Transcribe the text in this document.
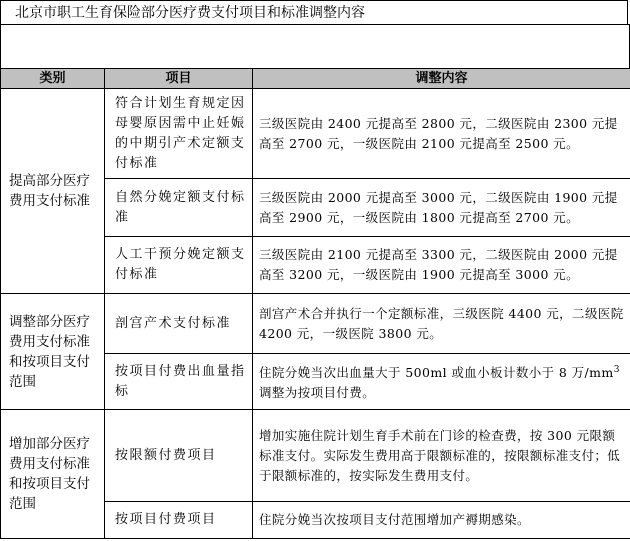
北京市职工生育保险部分医疗费支付项目和标准调整内容
类别	项目	调整内容
提高部分医疗费用支付标准	符合计划生育规定因母婴原因需中止妊娠的中期引产术定额支付标准	三级医院由 2400 元提高至 2800 元，二级医院由 2300 元提高至 2700 元，一级医院由 2100 元提高至 2500 元。
	自然分娩定额支付标准	三级医院由 2000 元提高至 3000 元，二级医院由 1900 元提高至 2900 元，一级医院由 1800 元提高至 2700 元。
	人工干预分娩定额支付标准	三级医院由 2100 元提高至 3300 元，二级医院由 2000 元提高至 3200 元，一级医院由 1900 元提高至 3000 元。
调整部分医疗费用支付标准和按项目支付范围	剖宫产术支付标准	剖宫产术合并执行一个定额标准，三级医院 4400 元，二级医院 4200 元，一级医院 3800 元。
	按项目付费出血量指标	住院分娩当次出血量大于 500ml 或血小板计数小于 8 万$/mm^3$调整为按项目付费。
增加部分医疗费用支付标准和按项目支付范围	按限额付费项目	增加实施住院计划生育手术前在门诊的检查费，按 300 元限额标准支付。实际发生费用高于限额标准的，按限额标准支付；低于限额标准的，按实际发生费用支付。
	按项目付费项目	住院分娩当次按项目支付范围增加产褥期感染。
